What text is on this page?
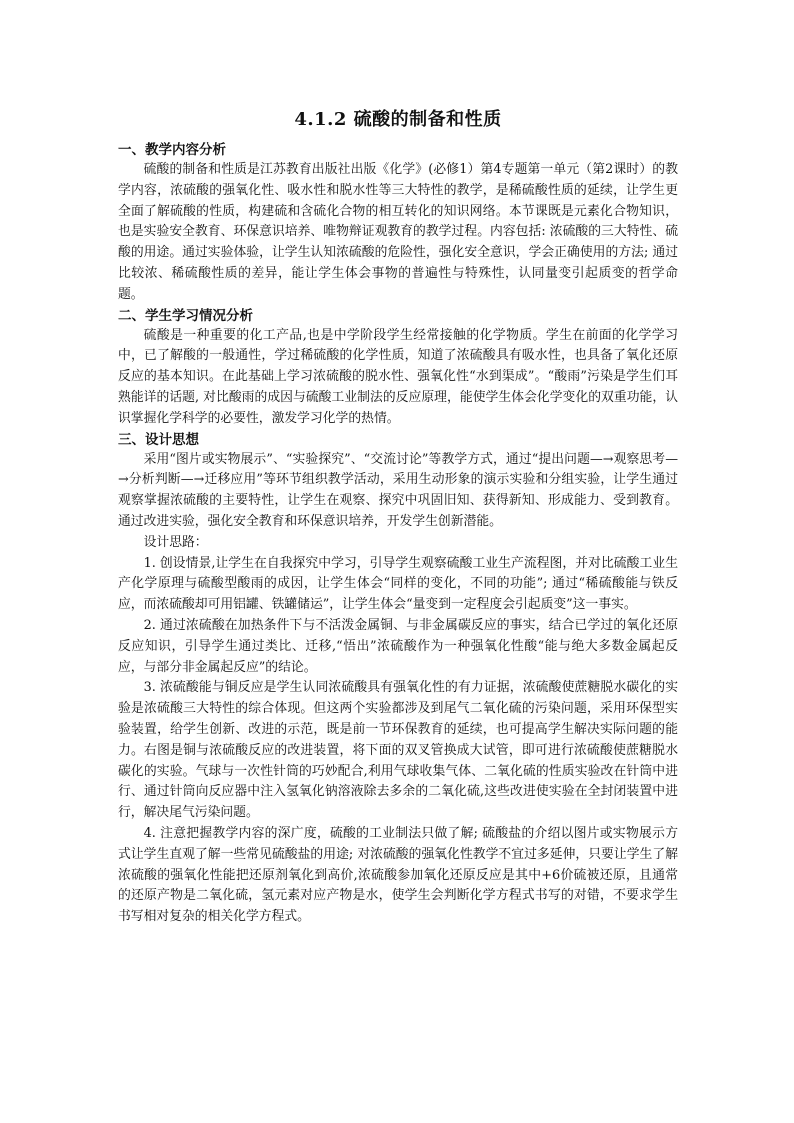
4.1.2 硫酸的制备和性质
一、教学内容分析

硫酸的制备和性质是江苏教育出版社出版《化学》(必修1）第4专题第一单元（第2课时）的教学内容，浓硫酸的强氧化性、吸水性和脱水性等三大特性的教学，是稀硫酸性质的延续，让学生更全面了解硫酸的性质，构建硫和含硫化合物的相互转化的知识网络。本节课既是元素化合物知识，也是实验安全教育、环保意识培养、唯物辩证观教育的教学过程。内容包括: 浓硫酸的三大特性、硫酸的用途。通过实验体验，让学生认知浓硫酸的危险性，强化安全意识，学会正确使用的方法; 通过比较浓、稀硫酸性质的差异，能让学生体会事物的普遍性与特殊性，认同量变引起质变的哲学命题。

二、学生学习情况分析

硫酸是一种重要的化工产品,也是中学阶段学生经常接触的化学物质。学生在前面的化学学习中，已了解酸的一般通性，学过稀硫酸的化学性质，知道了浓硫酸具有吸水性，也具备了氧化还原反应的基本知识。在此基础上学习浓硫酸的脱水性、强氧化性“水到渠成”。“酸雨”污染是学生们耳熟能详的话题, 对比酸雨的成因与硫酸工业制法的反应原理，能使学生体会化学变化的双重功能，认识掌握化学科学的必要性，激发学习化学的热情。

三、设计思想

采用“图片或实物展示”、“实验探究”、“交流讨论”等教学方式，通过“提出问题—→观察思考—→分析判断—→迁移应用”等环节组织教学活动，采用生动形象的演示实验和分组实验，让学生通过观察掌握浓硫酸的主要特性，让学生在观察、探究中巩固旧知、获得新知、形成能力、受到教育。通过改进实验，强化安全教育和环保意识培养，开发学生创新潜能。

设计思路：

1. 创设情景,让学生在自我探究中学习，引导学生观察硫酸工业生产流程图，并对比硫酸工业生产化学原理与硫酸型酸雨的成因，让学生体会“同样的变化，不同的功能”; 通过“稀硫酸能与铁反应，而浓硫酸却可用铝罐、铁罐储运”，让学生体会“量变到一定程度会引起质变”这一事实。

2. 通过浓硫酸在加热条件下与不活泼金属铜、与非金属碳反应的事实，结合已学过的氧化还原反应知识，引导学生通过类比、迁移,“悟出”浓硫酸作为一种强氧化性酸“能与绝大多数金属起反应，与部分非金属起反应”的结论。

3. 浓硫酸能与铜反应是学生认同浓硫酸具有强氧化性的有力证据，浓硫酸使蔗糖脱水碳化的实验是浓硫酸三大特性的综合体现。但这两个实验都涉及到尾气二氧化硫的污染问题，采用环保型实验装置，给学生创新、改进的示范，既是前一节环保教育的延续，也可提高学生解决实际问题的能力。右图是铜与浓硫酸反应的改进装置，将下面的双叉管换成大试管，即可进行浓硫酸使蔗糖脱水碳化的实验。气球与一次性针筒的巧妙配合,利用气球收集气体、二氧化硫的性质实验改在针筒中进行、通过针筒向反应器中注入氢氧化钠溶液除去多余的二氧化硫,这些改进使实验在全封闭装置中进行，解决尾气污染问题。

4. 注意把握教学内容的深广度，硫酸的工业制法只做了解; 硫酸盐的介绍以图片或实物展示方式让学生直观了解一些常见硫酸盐的用途; 对浓硫酸的强氧化性教学不宜过多延伸，只要让学生了解浓硫酸的强氧化性能把还原剂氧化到高价,浓硫酸参加氧化还原反应是其中+6价硫被还原，且通常的还原产物是二氧化硫，氢元素对应产物是水，使学生会判断化学方程式书写的对错，不要求学生书写相对复杂的相关化学方程式。
